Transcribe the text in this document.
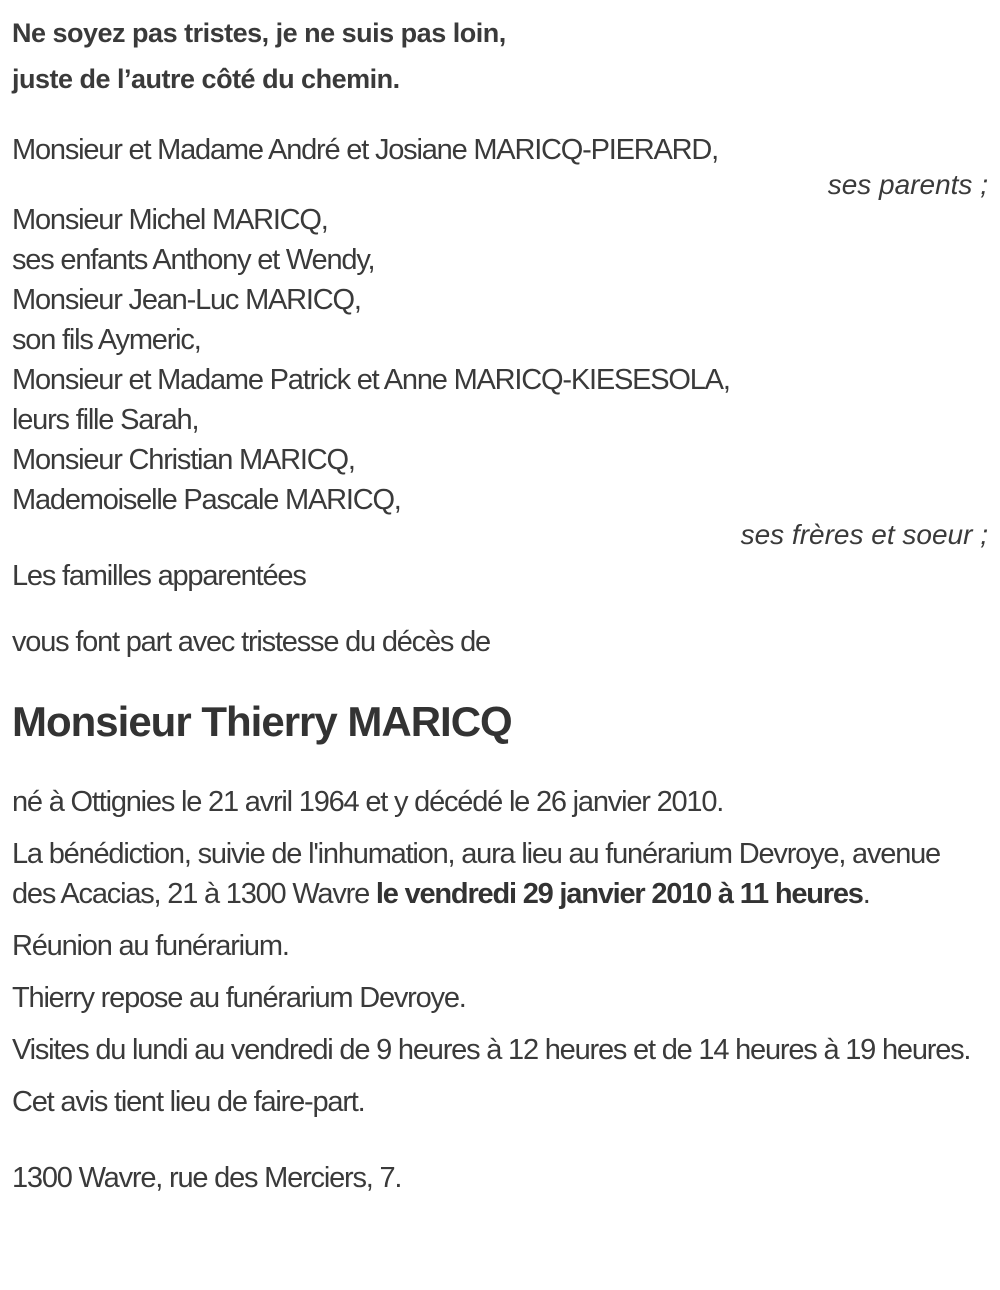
Ne soyez pas tristes, je ne suis pas loin,

juste de l’autre côté du chemin.

Monsieur et Madame André et Josiane MARICQ-PIERARD,

ses parents ;

Monsieur Michel MARICQ,

ses enfants Anthony et Wendy,

Monsieur Jean-Luc MARICQ,

son fils Aymeric,

Monsieur et Madame Patrick et Anne MARICQ-KIESESOLA,

leurs fille Sarah,

Monsieur Christian MARICQ,

Mademoiselle Pascale MARICQ,

ses frères et soeur ;

Les familles apparentées

vous font part avec tristesse du décès de

Monsieur Thierry MARICQ

né à Ottignies le 21 avril 1964 et y décédé le 26 janvier 2010.

La bénédiction, suivie de l'inhumation, aura lieu au funérarium Devroye, avenue des Acacias, 21 à 1300 Wavre le vendredi 29 janvier 2010 à 11 heures.

Réunion au funérarium.

Thierry repose au funérarium Devroye.

Visites du lundi au vendredi de 9 heures à 12 heures et de 14 heures à 19 heures.

Cet avis tient lieu de faire-part.

1300 Wavre, rue des Merciers, 7.
